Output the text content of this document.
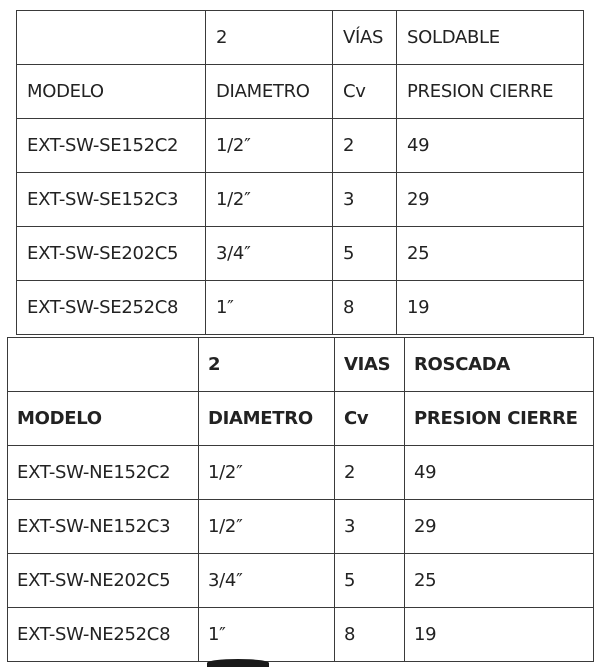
	2	VÍAS	SOLDABLE
MODELO	DIAMETRO	Cv	PRESION CIERRE
EXT-SW-SE152C2	1/2″	2	49
EXT-SW-SE152C3	1/2″	3	29
EXT-SW-SE202C5	3/4″	5	25
EXT-SW-SE252C8	1″	8	19
	2	VIAS	ROSCADA
MODELO	DIAMETRO	Cv	PRESION CIERRE
EXT-SW-NE152C2	1/2″	2	49
EXT-SW-NE152C3	1/2″	3	29
EXT-SW-NE202C5	3/4″	5	25
EXT-SW-NE252C8	1″	8	19
